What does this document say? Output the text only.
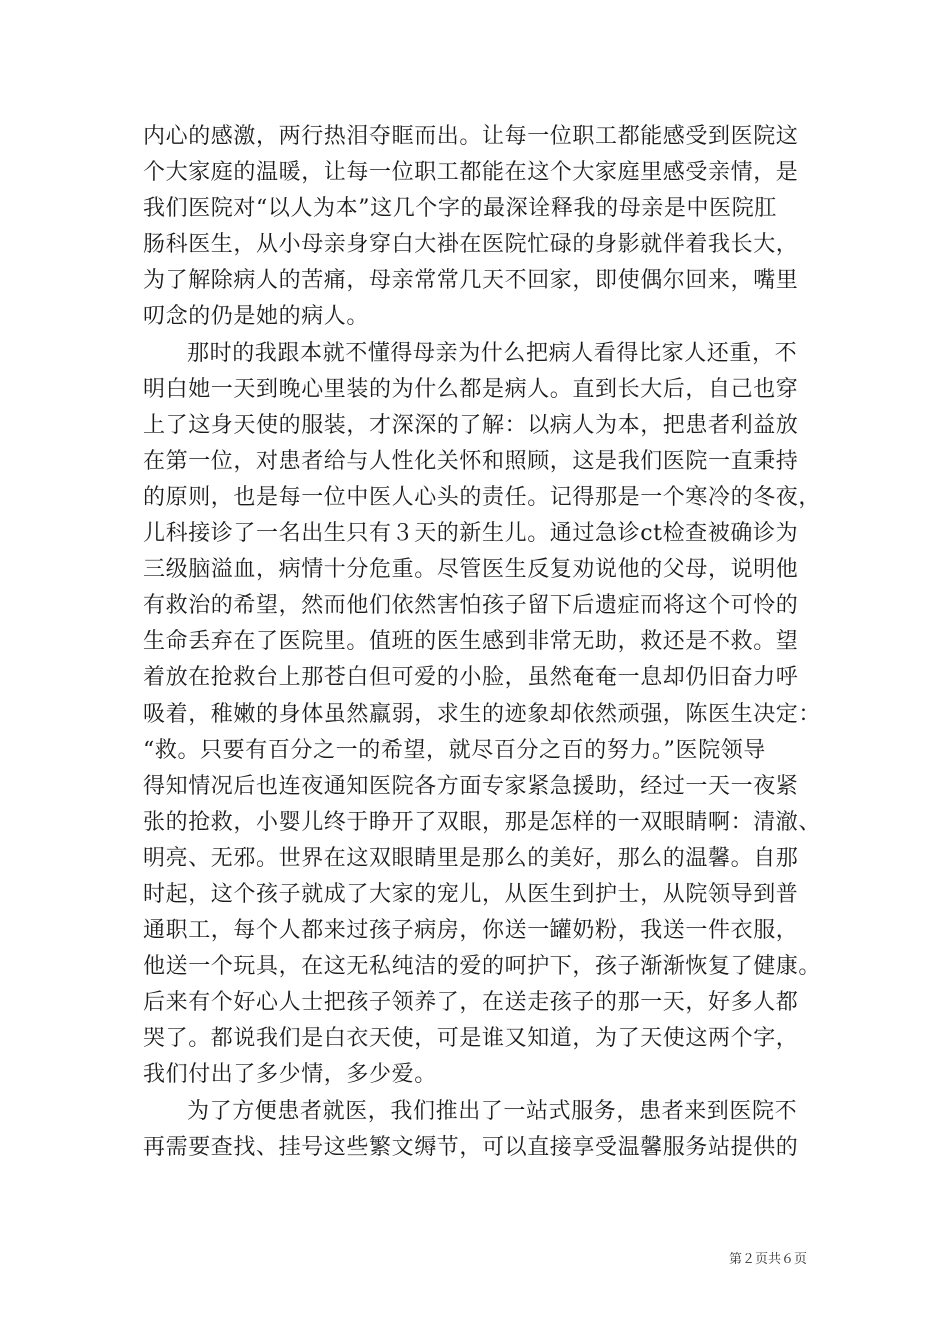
内心的感激，两行热泪夺眶而出。让每一位职工都能感受到医院这
个大家庭的温暖，让每一位职工都能在这个大家庭里感受亲情，是
我们医院对“以人为本”这几个字的最深诠释我的母亲是中医院肛
肠科医生，从小母亲身穿白大褂在医院忙碌的身影就伴着我长大，
为了解除病人的苦痛，母亲常常几天不回家，即使偶尔回来，嘴里
叨念的仍是她的病人。
那时的我跟本就不懂得母亲为什么把病人看得比家人还重，不
明白她一天到晚心里装的为什么都是病人。直到长大后，自己也穿
上了这身天使的服装，才深深的了解：以病人为本，把患者利益放
在第一位，对患者给与人性化关怀和照顾，这是我们医院一直秉持
的原则，也是每一位中医人心头的责任。记得那是一个寒冷的冬夜，
儿科接诊了一名出生只有３天的新生儿。通过急诊ct检查被确诊为
三级脑溢血，病情十分危重。尽管医生反复劝说他的父母，说明他
有救治的希望，然而他们依然害怕孩子留下后遗症而将这个可怜的
生命丢弃在了医院里。值班的医生感到非常无助，救还是不救。望
着放在抢救台上那苍白但可爱的小脸，虽然奄奄一息却仍旧奋力呼
吸着，稚嫩的身体虽然羸弱，求生的迹象却依然顽强，陈医生决定：
“救。只要有百分之一的希望，就尽百分之百的努力。”医院领导
得知情况后也连夜通知医院各方面专家紧急援助，经过一天一夜紧
张的抢救，小婴儿终于睁开了双眼，那是怎样的一双眼睛啊：清澈、
明亮、无邪。世界在这双眼睛里是那么的美好，那么的温馨。自那
时起，这个孩子就成了大家的宠儿，从医生到护士，从院领导到普
通职工，每个人都来过孩子病房，你送一罐奶粉，我送一件衣服，
他送一个玩具，在这无私纯洁的爱的呵护下，孩子渐渐恢复了健康。
后来有个好心人士把孩子领养了，在送走孩子的那一天，好多人都
哭了。都说我们是白衣天使，可是谁又知道，为了天使这两个字，
我们付出了多少情，多少爱。
为了方便患者就医，我们推出了一站式服务，患者来到医院不
再需要查找、挂号这些繁文缛节，可以直接享受温馨服务站提供的
第２页共６页
